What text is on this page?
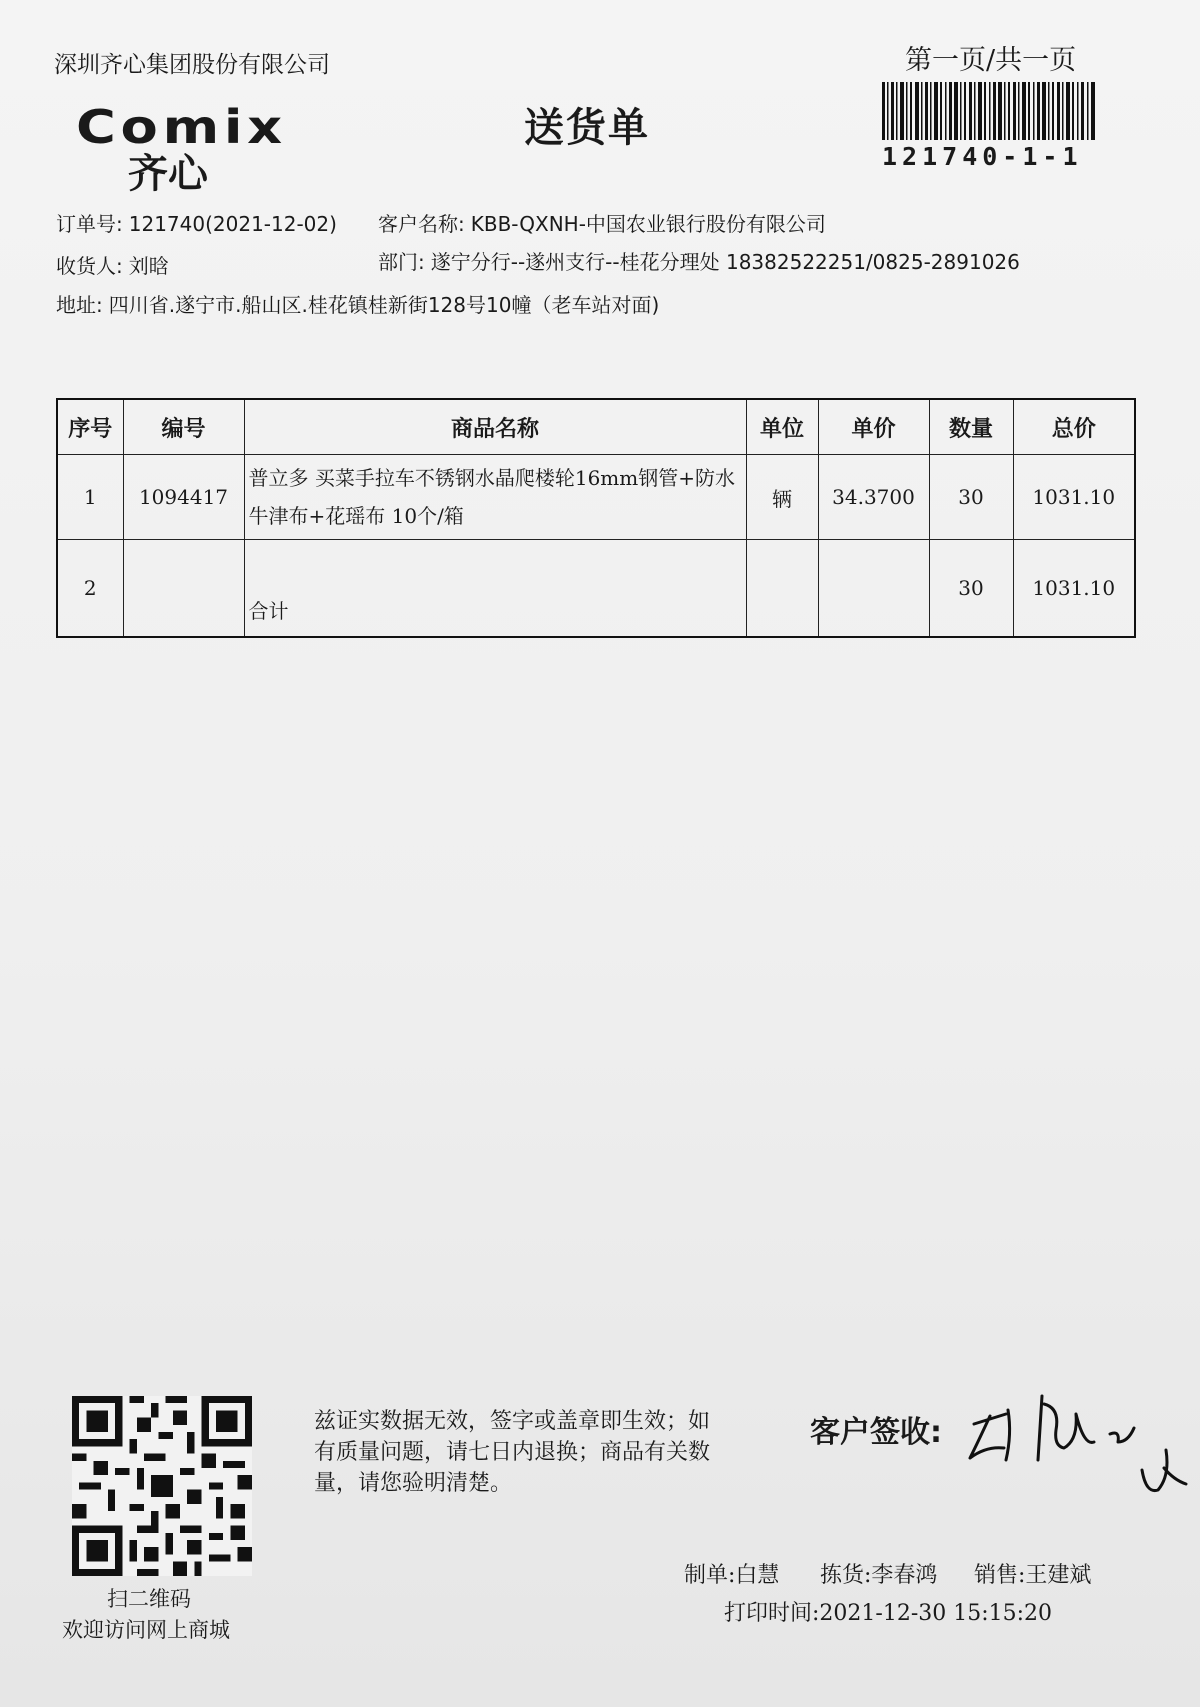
深圳齐心集团股份有限公司	第一页/共一页
Comix
齐心
送货单
121740-1-1
订单号: 121740(2021-12-02) 客户名称: KBB-QXNH-中国农业银行股份有限公司
收货人: 刘晗	部门: 遂宁分行--遂州支行--桂花分理处 18382522251/0825-2891026
地址: 四川省.遂宁市.船山区.桂花镇桂新街128号10幢（老车站对面)
序号	编号	商品名称	单位	单价	数量	总价
1	1094417	普立多 买菜手拉车不锈钢水晶爬楼轮16mm钢管+防水牛津布+花瑶布 10个/箱	辆	34.3700	30	1031.10
2		合计			30	1031.10
扫二维码
欢迎访问网上商城
兹证实数据无效，签字或盖章即生效；如有质量问题，请七日内退换；商品有关数量，请您验明清楚。
客户签收:
制单:白慧 拣货:李春鸿 销售:王建斌
打印时间:2021-12-30 15:15:20
